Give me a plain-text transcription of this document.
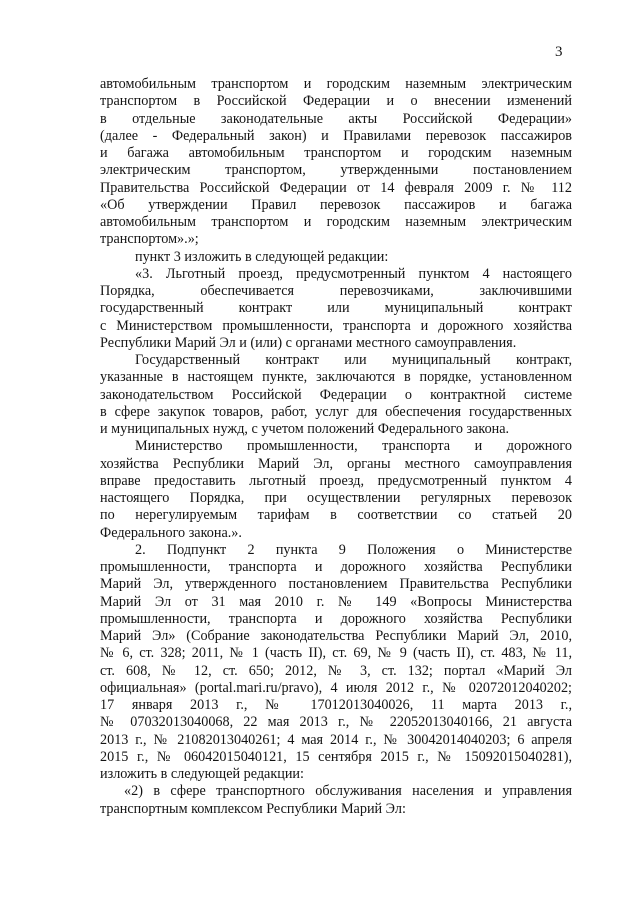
3

автомобильным транспортом и городским наземным электрическим

транспортом в Российской Федерации и о внесении изменений

в отдельные законодательные акты Российской Федерации»

(далее - Федеральный закон) и Правилами перевозок пассажиров

и багажа автомобильным транспортом и городским наземным

электрическим транспортом, утвержденными постановлением

Правительства Российской Федерации от 14 февраля 2009 г. № 112

«Об утверждении Правил перевозок пассажиров и багажа

автомобильным транспортом и городским наземным электрическим

транспортом».»;

пункт 3 изложить в следующей редакции:

«3. Льготный проезд, предусмотренный пунктом 4 настоящего

Порядка, обеспечивается перевозчиками, заключившими

государственный контракт или муниципальный контракт

с Министерством промышленности, транспорта и дорожного хозяйства

Республики Марий Эл и (или) с органами местного самоуправления.

Государственный контракт или муниципальный контракт,

указанные в настоящем пункте, заключаются в порядке, установленном

законодательством Российской Федерации о контрактной системе

в сфере закупок товаров, работ, услуг для обеспечения государственных

и муниципальных нужд, с учетом положений Федерального закона.

Министерство промышленности, транспорта и дорожного

хозяйства Республики Марий Эл, органы местного самоуправления

вправе предоставить льготный проезд, предусмотренный пунктом 4

настоящего Порядка, при осуществлении регулярных перевозок

по нерегулируемым тарифам в соответствии со статьей 20

Федерального закона.».

2. Подпункт 2 пункта 9 Положения о Министерстве

промышленности, транспорта и дорожного хозяйства Республики

Марий Эл, утвержденного постановлением Правительства Республики

Марий Эл от 31 мая 2010 г. № 149 «Вопросы Министерства

промышленности, транспорта и дорожного хозяйства Республики

Марий Эл» (Собрание законодательства Республики Марий Эл, 2010,

№ 6, ст. 328; 2011, № 1 (часть II), ст. 69, № 9 (часть II), ст. 483, № 11,

ст. 608, № 12, ст. 650; 2012, № 3, ст. 132; портал «Марий Эл

официальная» (portal.mari.ru/pravo), 4 июля 2012 г., № 02072012040202;

17 января 2013 г., № 17012013040026, 11 марта 2013 г.,

№ 07032013040068, 22 мая 2013 г., № 22052013040166, 21 августа

2013 г., № 21082013040261; 4 мая 2014 г., № 30042014040203; 6 апреля

2015 г., № 06042015040121, 15 сентября 2015 г., № 15092015040281),

изложить в следующей редакции:

«2) в сфере транспортного обслуживания населения и управления

транспортным комплексом Республики Марий Эл:
